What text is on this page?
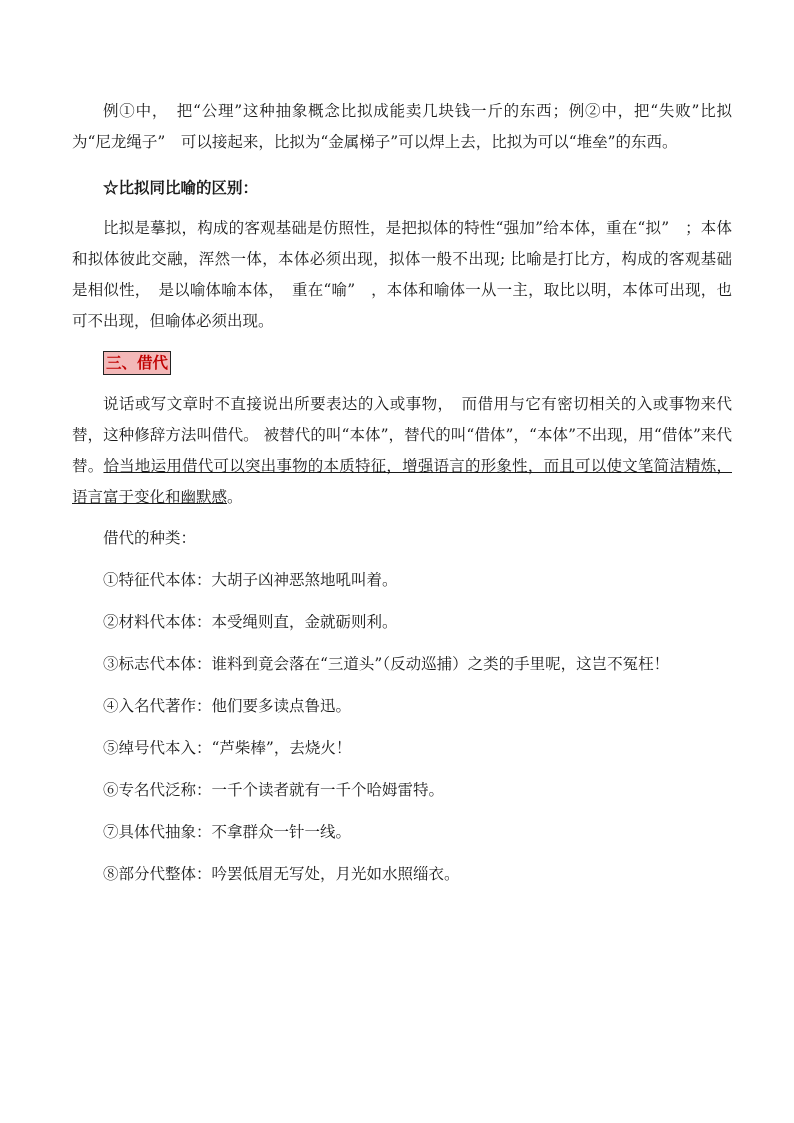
例①中，　把“公理”这种抽象概念比拟成能卖几块钱一斤的东西；例②中，把“失败”比拟为“尼龙绳子”　可以接起来，比拟为“金属梯子”可以焊上去，比拟为可以“堆垒”的东西。

☆比拟同比喻的区别：

比拟是摹拟，构成的客观基础是仿照性，是把拟体的特性“强加”给本体，重在“拟”　；本体和拟体彼此交融，浑然一体，本体必须出现，拟体一般不出现; 比喻是打比方，构成的客观基础是相似性，　是以喻体喻本体，　重在“喻”　，本体和喻体一从一主，取比以明，本体可出现，也可不出现，但喻体必须出现。

三、借代

说话或写文章时不直接说出所要表达的入或事物，　而借用与它有密切相关的入或事物来代替，这种修辞方法叫借代。 被替代的叫“本体”，替代的叫“借体”，“本体”不出现，用“借体”来代替。恰当地运用借代可以突出事物的本质特征，增强语言的形象性，而且可以使文笔简洁精炼，语言富于变化和幽默感。

借代的种类：

①特征代本体：大胡子凶神恶煞地吼叫着。

②材料代本体：本受绳则直，金就砺则利。

③标志代本体：谁料到竟会落在“三道头”（反动巡捕）之类的手里呢，这岂不冤枉！

④入名代著作：他们要多读点鲁迅。

⑤绰号代本入：“芦柴棒”，去烧火！

⑥专名代泛称：一千个读者就有一千个哈姆雷特。

⑦具体代抽象：不拿群众一针一线。

⑧部分代整体：吟罢低眉无写处，月光如水照缁衣。
